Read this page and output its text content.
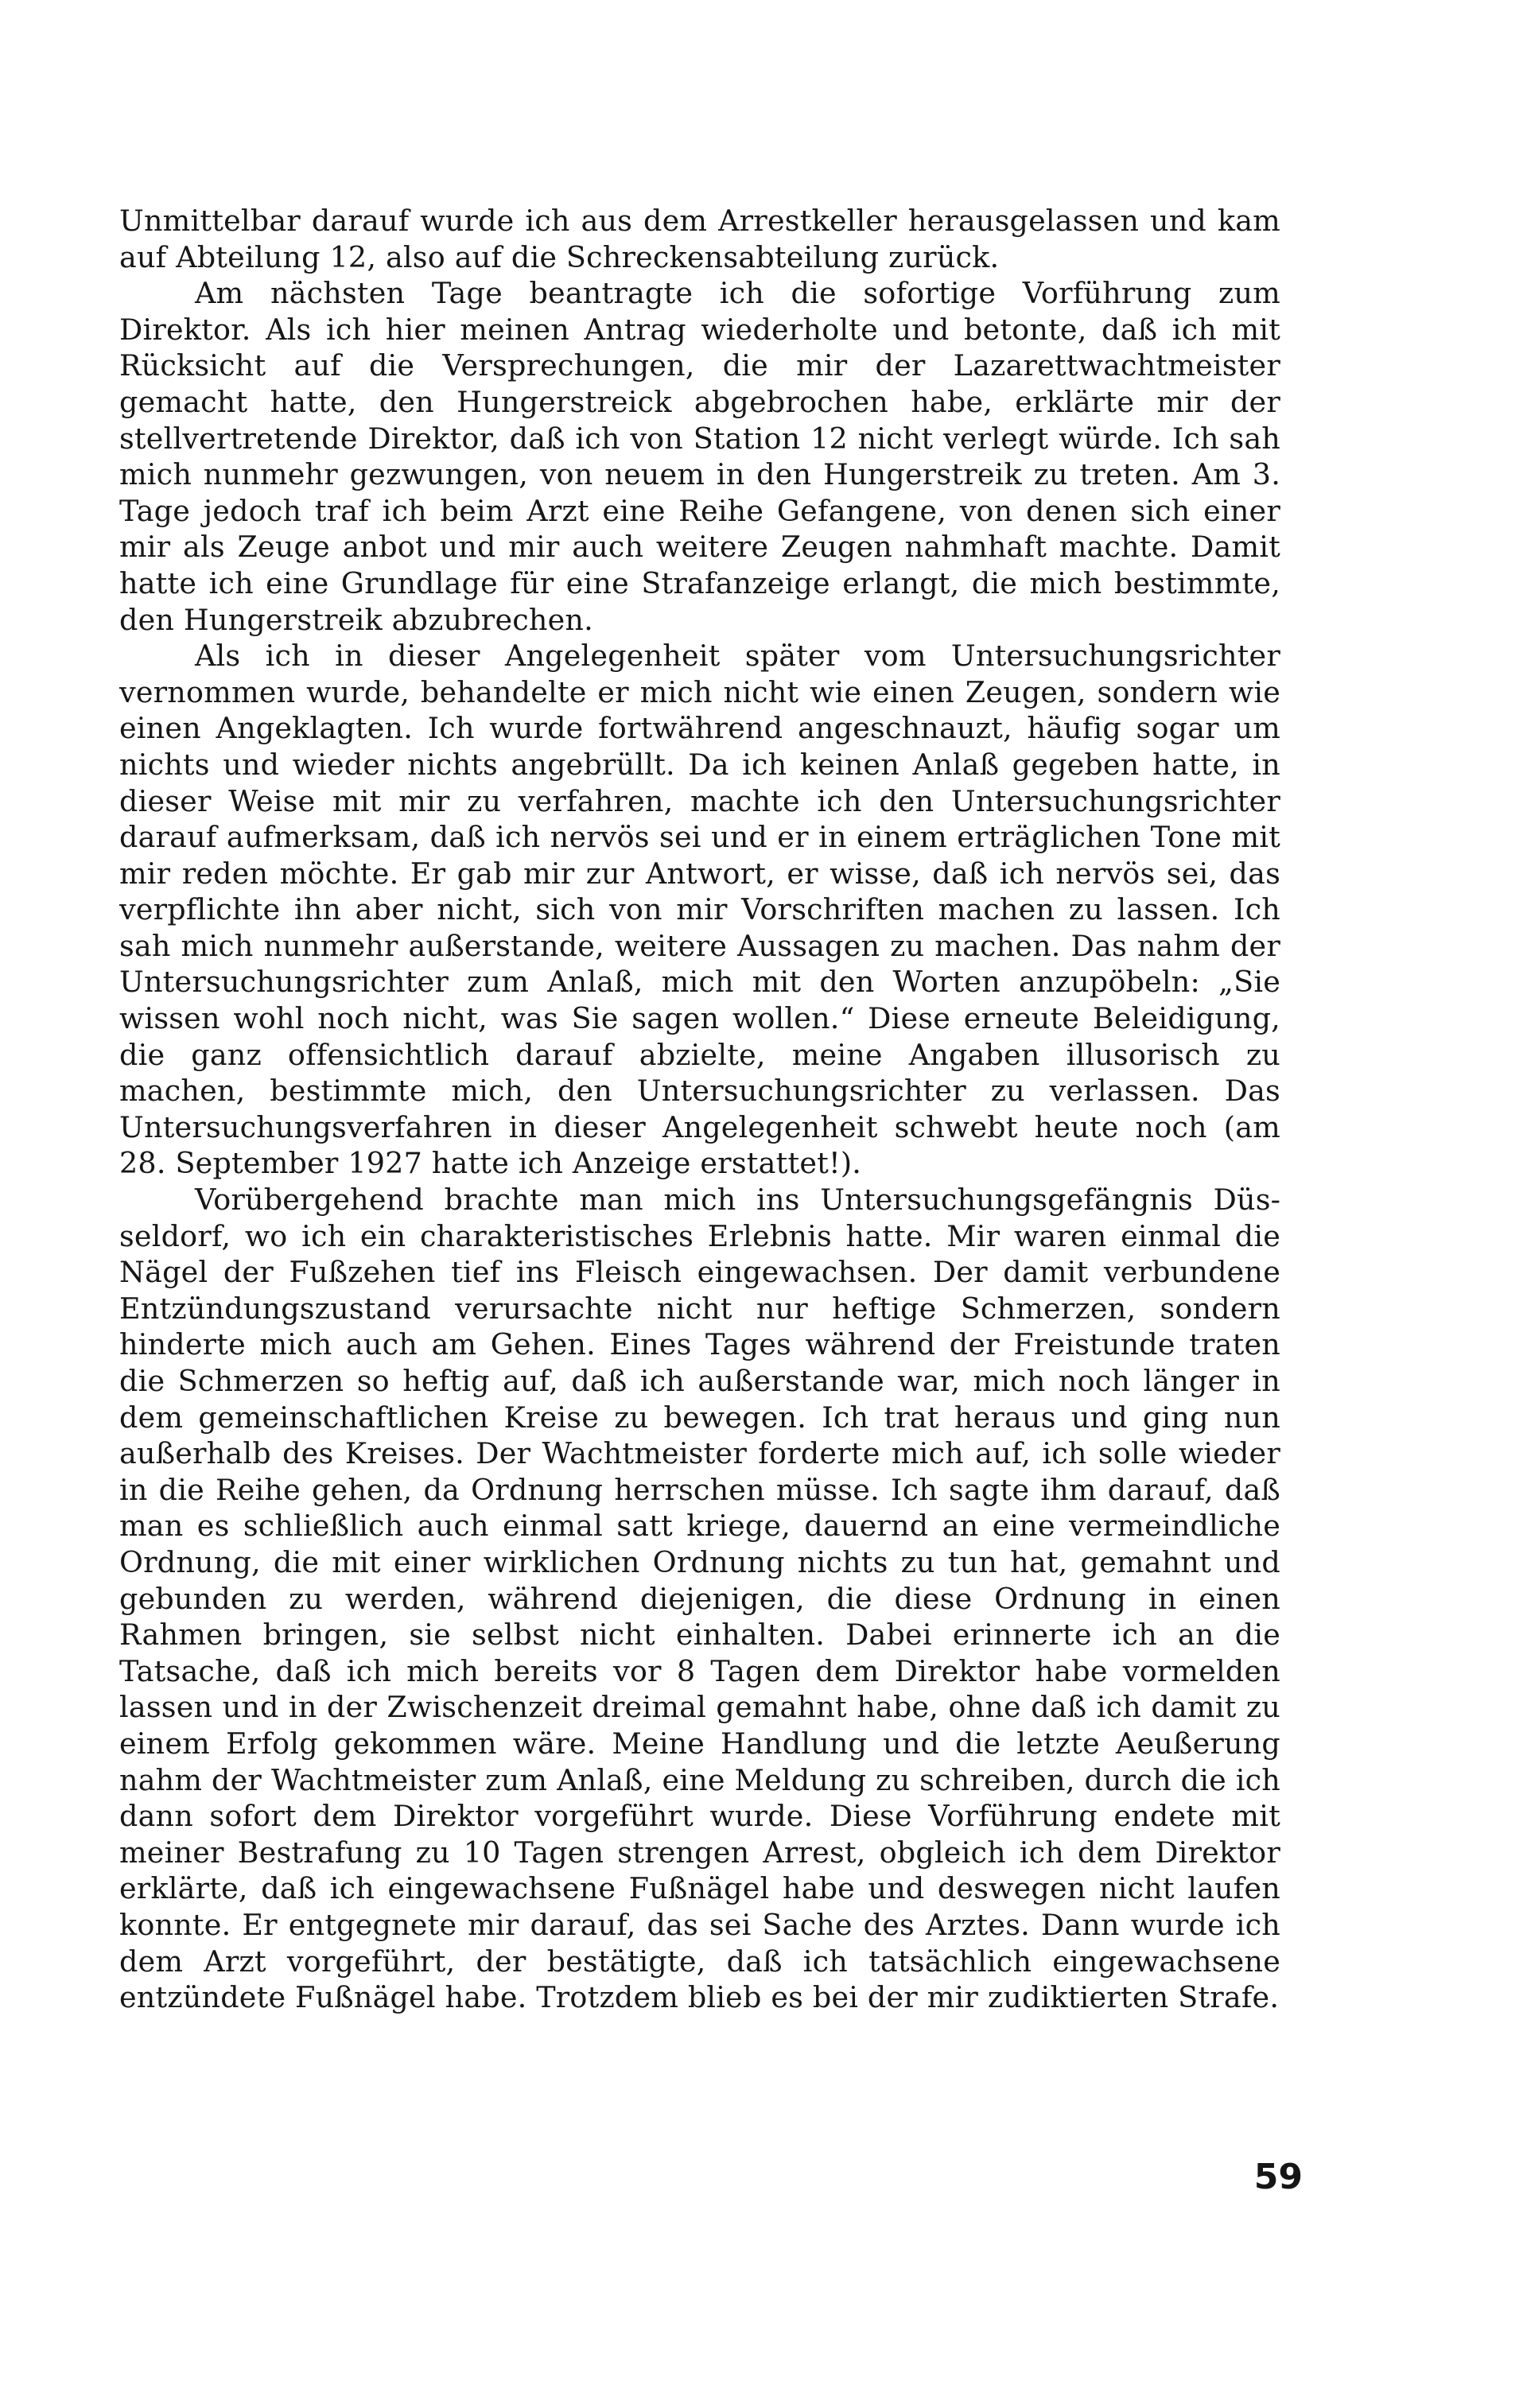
Unmittelbar darauf wurde ich aus dem Arrestkeller herausgelassen und kam auf Abteilung 12, also auf die Schreckensabteilung zurück.

Am nächsten Tage beantragte ich die sofortige Vorführung zum Direktor. Als ich hier meinen Antrag wiederholte und betonte, daß ich mit Rücksicht auf die Versprechungen, die mir der Lazarettwachtmeister gemacht hatte, den Hungerstreick abgebrochen habe, erklärte mir der stellvertretende Direktor, daß ich von Station 12 nicht verlegt würde. Ich sah mich nunmehr gezwungen, von neuem in den Hungerstreik zu treten. Am 3. Tage jedoch traf ich beim Arzt eine Reihe Gefangene, von denen sich einer mir als Zeuge anbot und mir auch weitere Zeugen nahmhaft machte. Damit hatte ich eine Grundlage für eine Strafanzeige erlangt, die mich bestimmte, den Hungerstreik abzubrechen.

Als ich in dieser Angelegenheit später vom Untersuchungsrichter vernommen wurde, behandelte er mich nicht wie einen Zeugen, sondern wie einen Angeklagten. Ich wurde fortwährend angeschnauzt, häufig sogar um nichts und wieder nichts angebrüllt. Da ich keinen Anlaß gegeben hatte, in dieser Weise mit mir zu verfahren, machte ich den Untersuchungsrichter darauf aufmerksam, daß ich nervös sei und er in einem erträglichen Tone mit mir reden möchte. Er gab mir zur Antwort, er wisse, daß ich nervös sei, das verpflichte ihn aber nicht, sich von mir Vorschriften machen zu lassen. Ich sah mich nunmehr außerstande, weitere Aussagen zu machen. Das nahm der Untersuchungsrichter zum Anlaß, mich mit den Worten anzupöbeln: „Sie wissen wohl noch nicht, was Sie sagen wollen.“ Diese erneute Beleidigung, die ganz offensichtlich darauf abzielte, meine Angaben illusorisch zu machen, bestimmte mich, den Untersuchungsrichter zu verlassen. Das Untersuchungsverfahren in dieser Angelegenheit schwebt heute noch (am 28. September 1927 hatte ich Anzeige erstattet!).

Vorübergehend brachte man mich ins Untersuchungsgefängnis Düsseldorf, wo ich ein charakteristisches Erlebnis hatte. Mir waren einmal die Nägel der Fußzehen tief ins Fleisch eingewachsen. Der damit verbundene Entzündungszustand verursachte nicht nur heftige Schmerzen, sondern hinderte mich auch am Gehen. Eines Tages während der Freistunde traten die Schmerzen so heftig auf, daß ich außerstande war, mich noch länger in dem gemeinschaftlichen Kreise zu bewegen. Ich trat heraus und ging nun außerhalb des Kreises. Der Wachtmeister forderte mich auf, ich solle wieder in die Reihe gehen, da Ordnung herrschen müsse. Ich sagte ihm darauf, daß man es schließlich auch einmal satt kriege, dauernd an eine vermeindliche Ordnung, die mit einer wirklichen Ordnung nichts zu tun hat, gemahnt und gebunden zu werden, während diejenigen, die diese Ordnung in einen Rahmen bringen, sie selbst nicht einhalten. Dabei erinnerte ich an die Tatsache, daß ich mich bereits vor 8 Tagen dem Direktor habe vormelden lassen und in der Zwischenzeit dreimal gemahnt habe, ohne daß ich damit zu einem Erfolg gekommen wäre. Meine Handlung und die letzte Aeußerung nahm der Wachtmeister zum Anlaß, eine Meldung zu schreiben, durch die ich dann sofort dem Direktor vorgeführt wurde. Diese Vorführung endete mit meiner Bestrafung zu 10 Tagen strengen Arrest, obgleich ich dem Direktor erklärte, daß ich eingewachsene Fußnägel habe und deswegen nicht laufen konnte. Er entgegnete mir darauf, das sei Sache des Arztes. Dann wurde ich dem Arzt vorgeführt, der bestätigte, daß ich tatsächlich eingewachsene entzündete Fußnägel habe. Trotzdem blieb es bei der mir zudiktierten Strafe.

59
